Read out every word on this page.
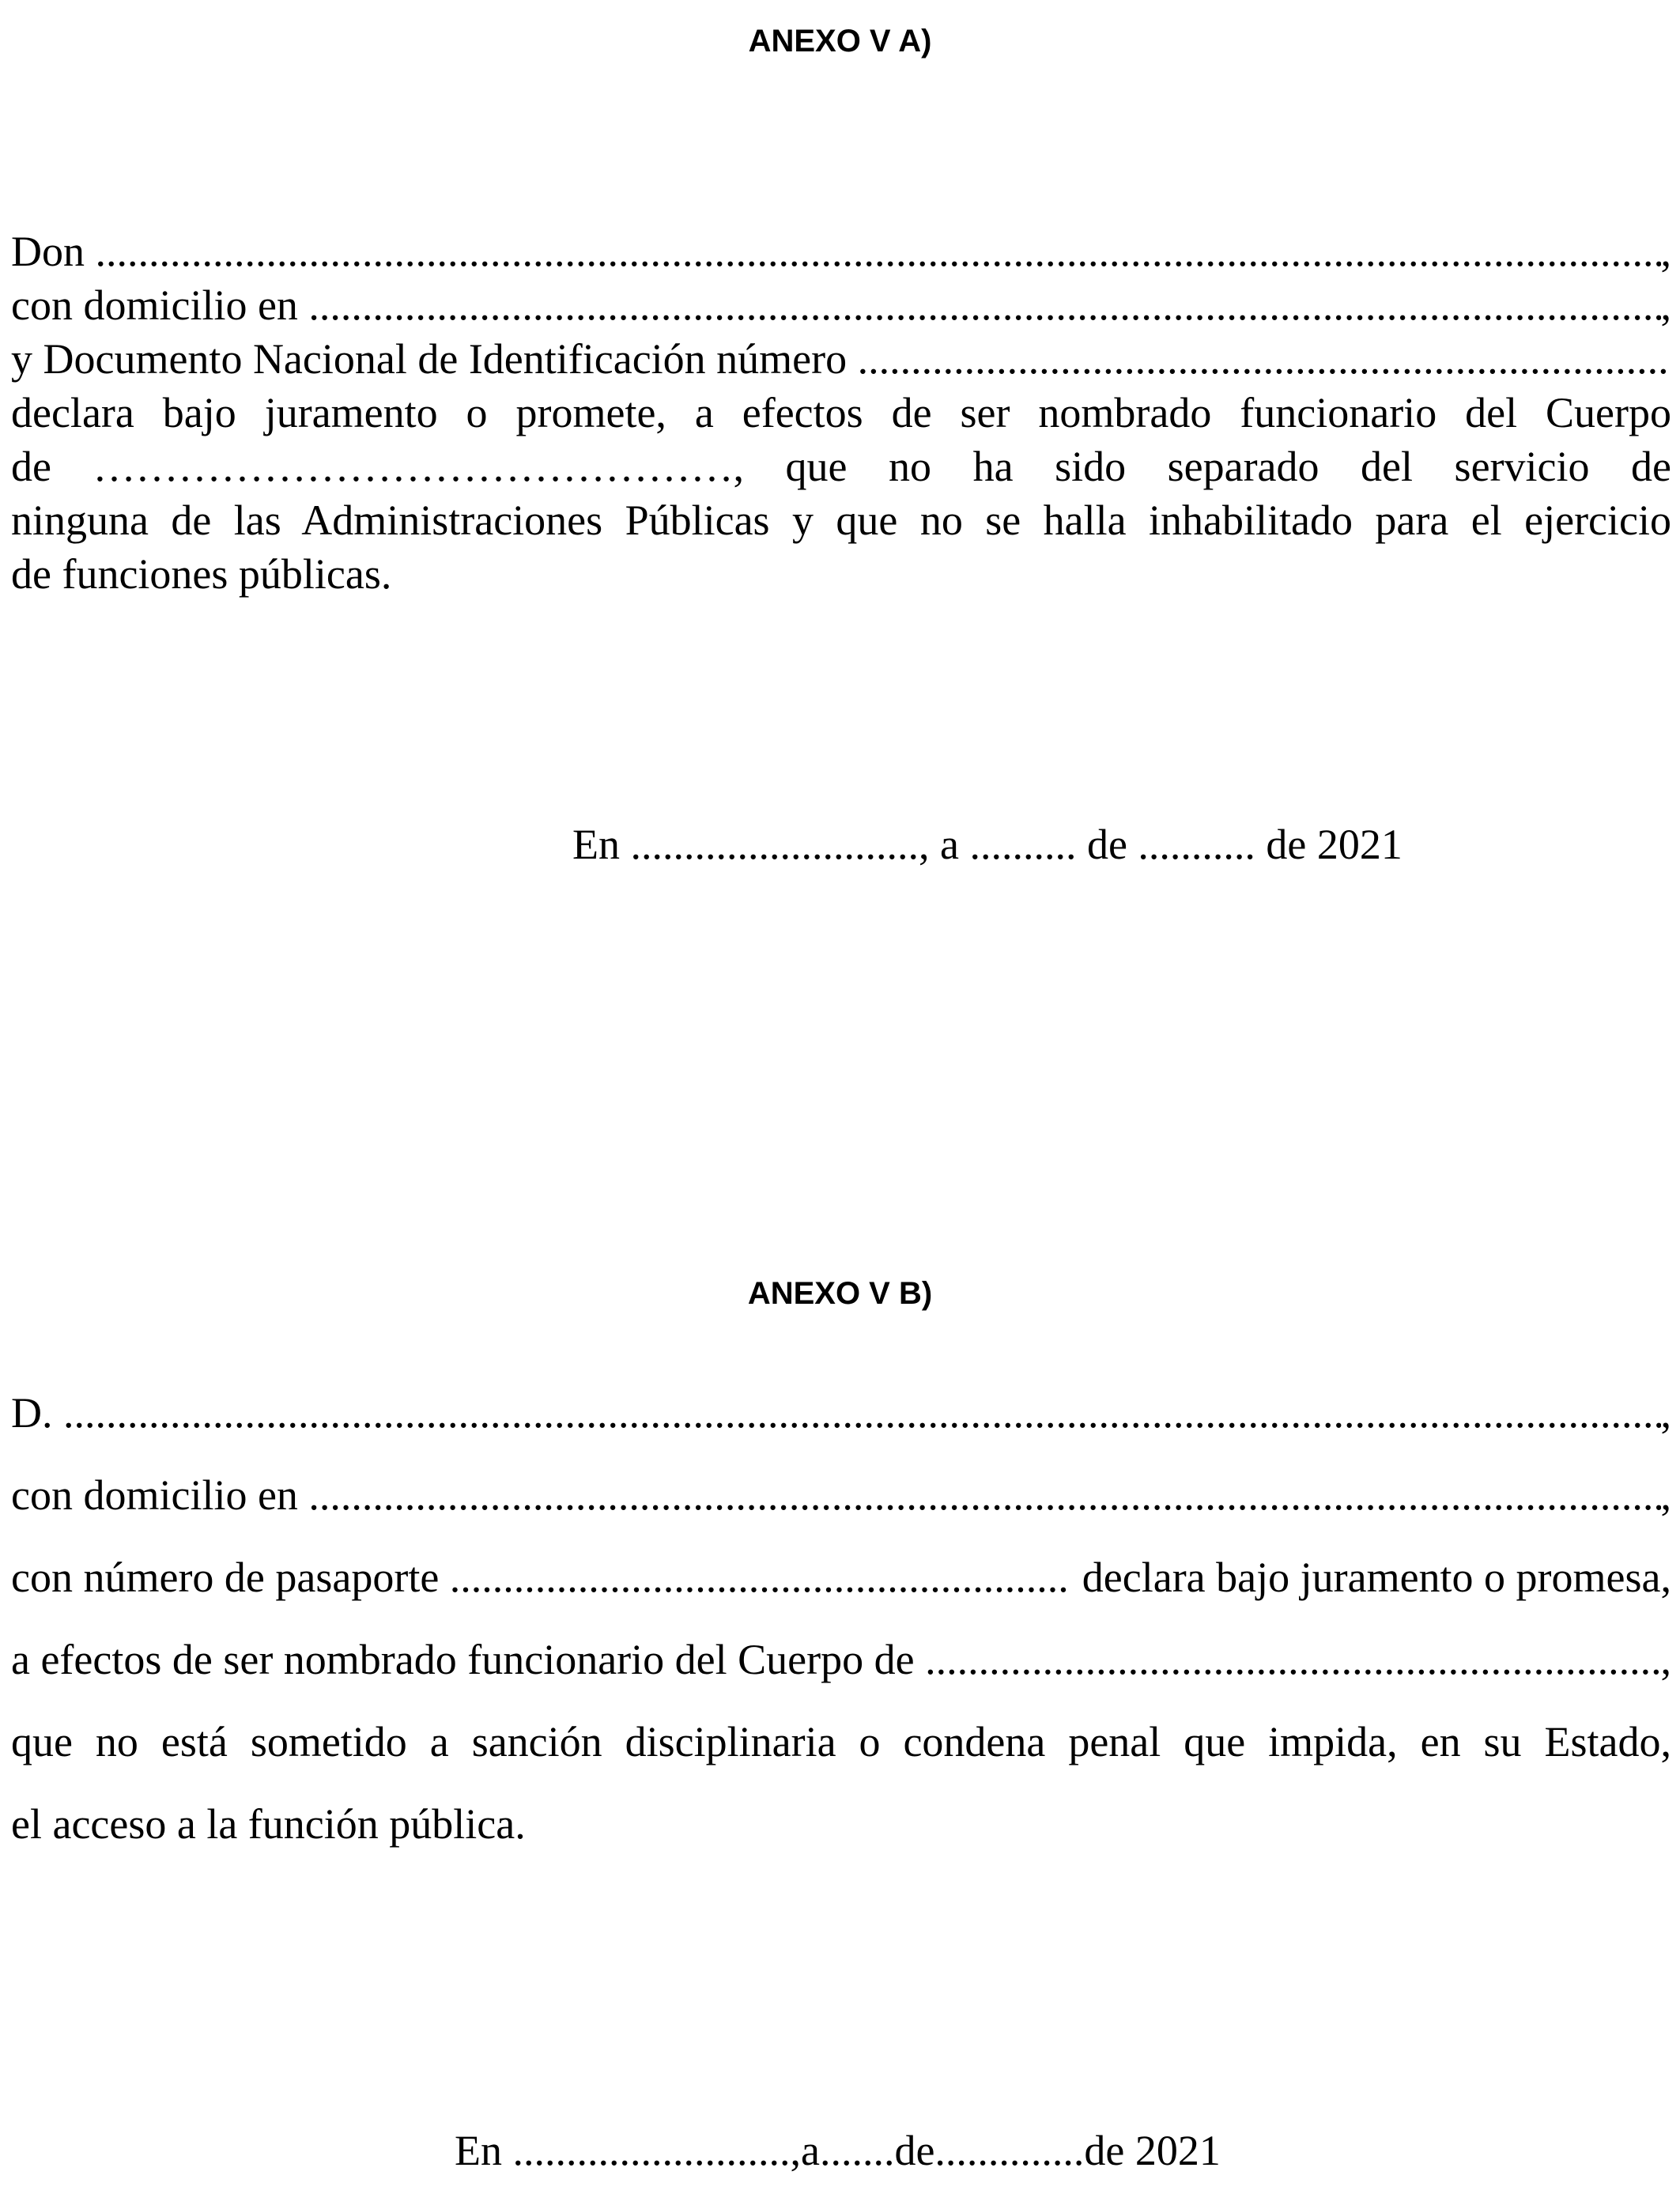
ANEXO V A)
Don
.....	,
con domicilio en
.....	,
y Documento Nacional de Identificación número

.....
declara bajo juramento o promete, a efectos de ser nombrado funcionario del Cuerpo
de ………………………………………, que no ha sido separado del servicio de
ninguna de las Administraciones Públicas y que no se halla inhabilitado para el ejercicio
de funciones públicas.
En ..........................., a .......... de ........... de 2021
ANEXO V B)
D.
.....	,
con domicilio en
.....	,
con número de pasaporte
.....
	declara bajo juramento o promesa,
a efectos de ser nombrado funcionario del Cuerpo de
.....	,
que no está sometido a sanción disciplinaria o condena penal que impida, en su Estado,
el acceso a la función pública.
En ..........................,a.......de..............de 2021
